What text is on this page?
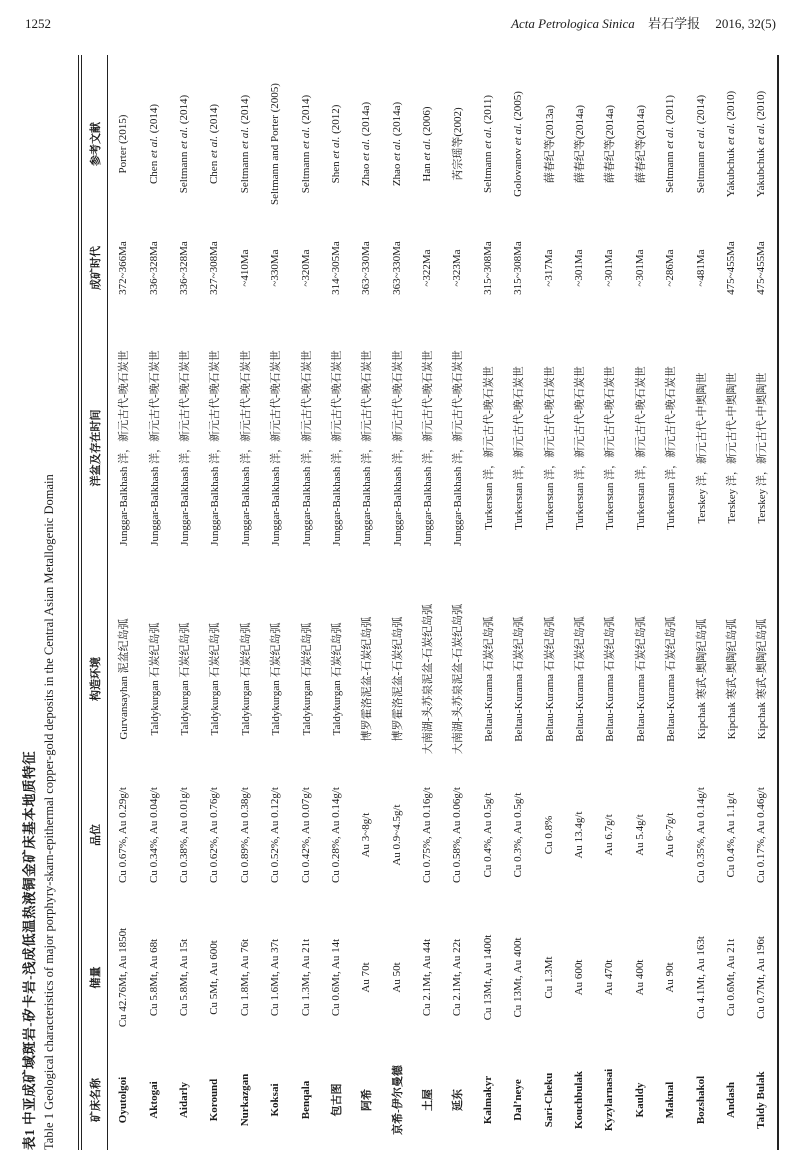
1252	Acta Petrologica Sinica 岩石学报 2016, 32(5)
表1 中亚成矿域斑岩-矽卡岩-浅成低温热液铜金矿床基本地质特征 Table 1 Geological characteristics of major porphyry-skarn-epithermal copper-gold deposits in the Central Asian Metallogenic Domain	矿床名称	储量	品位	构造环境	洋盆及存在时间	成矿时代	参考文献
Oyutolgoi	Cu 42.76Mt, Au 1850t	Cu 0.67%, Au 0.29g/t	Gurvansayhan 泥盆纪岛弧	Junggar-Balkhash 洋，新元古代-晚石炭世	372~366Ma	Porter (2015)
Aktogai	Cu 5.8Mt, Au 68t	Cu 0.34%, Au 0.04g/t	Taldykurgan 石炭纪岛弧	Junggar-Balkhash 洋，新元古代-晚石炭世	336~328Ma	Chen et al. (2014)
Aidarly	Cu 5.8Mt, Au 15t	Cu 0.38%, Au 0.01g/t	Taldykurgan 石炭纪岛弧	Junggar-Balkhash 洋，新元古代-晚石炭世	336~328Ma	Seltmann et al. (2014)
Koround	Cu 5Mt, Au 600t	Cu 0.62%, Au 0.76g/t	Taldykurgan 石炭纪岛弧	Junggar-Balkhash 洋，新元古代-晚石炭世	327~308Ma	Chen et al. (2014)
Nurkazgan	Cu 1.8Mt, Au 76t	Cu 0.89%, Au 0.38g/t	Taldykurgan 石炭纪岛弧	Junggar-Balkhash 洋，新元古代-晚石炭世	~410Ma	Seltmann et al. (2014)
Koksai	Cu 1.6Mt, Au 37t	Cu 0.52%, Au 0.12g/t	Taldykurgan 石炭纪岛弧	Junggar-Balkhash 洋，新元古代-晚石炭世	~330Ma	Seltmann and Porter (2005)
Benqala	Cu 1.3Mt, Au 21t	Cu 0.42%, Au 0.07g/t	Taldykurgan 石炭纪岛弧	Junggar-Balkhash 洋，新元古代-晚石炭世	~320Ma	Seltmann et al. (2014)
包古图	Cu 0.6Mt, Au 14t	Cu 0.28%, Au 0.14g/t	Taldykurgan 石炭纪岛弧	Junggar-Balkhash 洋，新元古代-晚石炭世	314~305Ma	Shen et al. (2012)
阿希	Au 70t	Au 3~8g/t	博罗霍洛泥盆-石炭纪岛弧	Junggar-Balkhash 洋，新元古代-晚石炭世	363~330Ma	Zhao et al. (2014a)
京希-伊尔曼德	Au 50t	Au 0.9~4.5g/t	博罗霍洛泥盆-石炭纪岛弧	Junggar-Balkhash 洋，新元古代-晚石炭世	363~330Ma	Zhao et al. (2014a)
土屋	Cu 2.1Mt, Au 44t	Cu 0.75%, Au 0.16g/t	大南湖-头苏泉泥盆-石炭纪岛弧	Junggar-Balkhash 洋，新元古代-晚石炭世	~322Ma	Han et al. (2006)
延东	Cu 2.1Mt, Au 22t	Cu 0.58%, Au 0.06g/t	大南湖-头苏泉泥盆-石炭纪岛弧	Junggar-Balkhash 洋，新元古代-晚石炭世	~323Ma	芮宗瑶等(2002)
Kalmakyr	Cu 13Mt, Au 1400t	Cu 0.4%, Au 0.5g/t	Beltau-Kurama 石炭纪岛弧	Turkerstan 洋，新元古代-晚石炭世	315~308Ma	Seltmann et al. (2011)
Dal’neye	Cu 13Mt, Au 400t	Cu 0.3%, Au 0.5g/t	Beltau-Kurama 石炭纪岛弧	Turkerstan 洋，新元古代-晚石炭世	315~308Ma	Golovanov et al. (2005)
Sari-Cheku	Cu 1.3Mt	Cu 0.8%	Beltau-Kurama 石炭纪岛弧	Turkerstan 洋，新元古代-晚石炭世	~317Ma	薛春纪等(2013a)
Kouchbulak	Au 600t	Au 13.4g/t	Beltau-Kurama 石炭纪岛弧	Turkerstan 洋，新元古代-晚石炭世	~301Ma	薛春纪等(2014a)
Kyzylarnasai	Au 470t	Au 6.7g/t	Beltau-Kurama 石炭纪岛弧	Turkerstan 洋，新元古代-晚石炭世	~301Ma	薛春纪等(2014a)
Kauldy	Au 400t	Au 5.4g/t	Beltau-Kurama 石炭纪岛弧	Turkerstan 洋，新元古代-晚石炭世	~301Ma	薛春纪等(2014a)
Maknal	Au 90t	Au 6~7g/t	Beltau-Kurama 石炭纪岛弧	Turkerstan 洋，新元古代-晚石炭世	~286Ma	Seltmann et al. (2011)
Bozshakol	Cu 4.1Mt, Au 163t	Cu 0.35%, Au 0.14g/t	Kipchak 寒武-奥陶纪岛弧	Terskey 洋，新元古代-中奥陶世	~481Ma	Seltmann et al. (2014)
Andash	Cu 0.6Mt, Au 21t	Cu 0.4%, Au 1.1g/t	Kipchak 寒武-奥陶纪岛弧	Terskey 洋，新元古代-中奥陶世	475~455Ma	Yakubchuk et al. (2010)
Taldy Bulak	Cu 0.7Mt, Au 196t	Cu 0.17%, Au 0.46g/t	Kipchak 寒武-奥陶纪岛弧	Terskey 洋，新元古代-中奥陶世	475~455Ma	Yakubchuk et al. (2010)
